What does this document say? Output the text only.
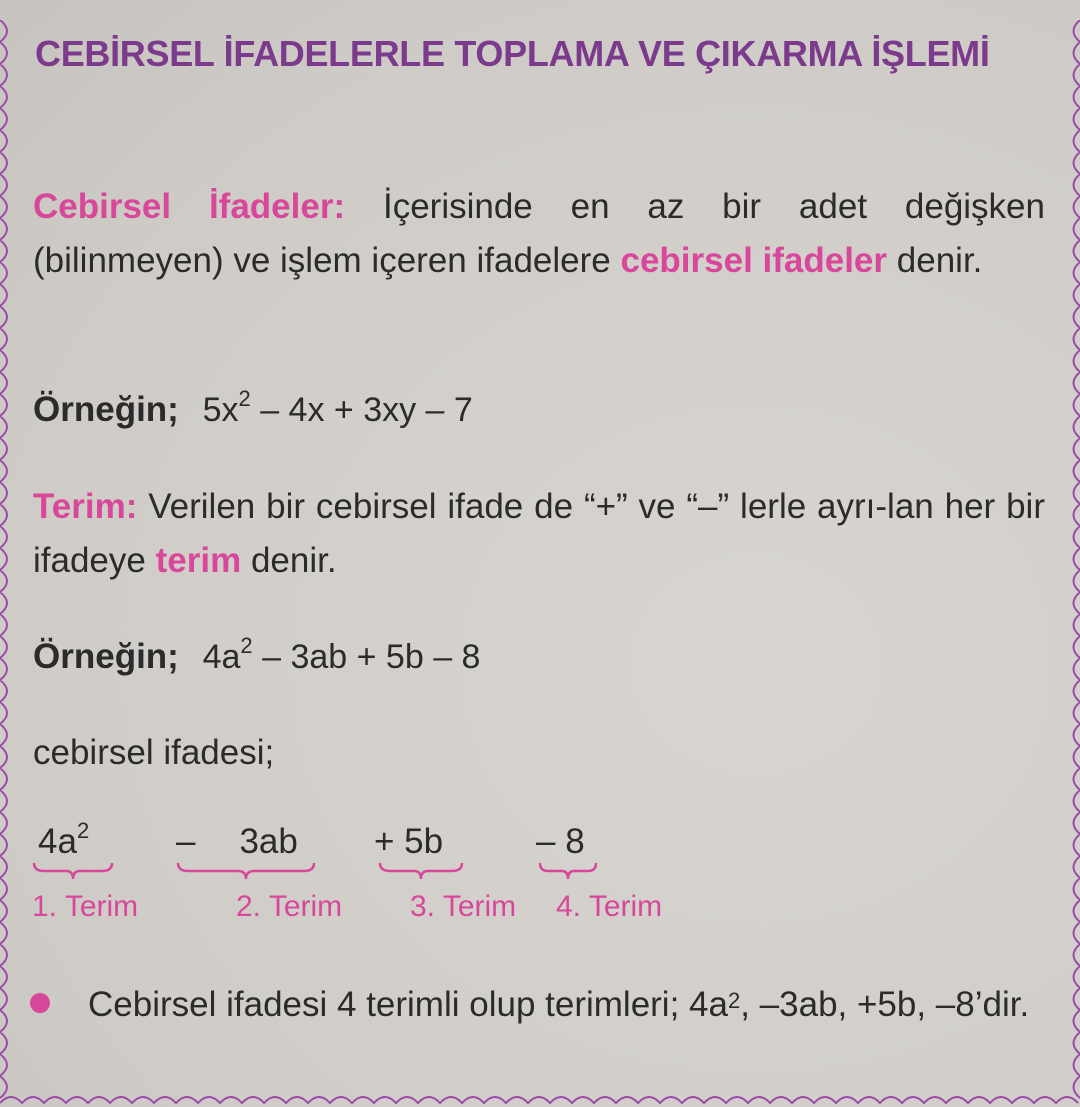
CEBİRSEL İFADELERLE TOPLAMA VE ÇIKARMA İŞLEMİ
Cebirsel İfadeler: İçerisinde en az bir adet değişken (bilinmeyen) ve işlem içeren ifadelere cebirsel ifadeler denir.
Örneğin; $5x^2 - 4x + 3xy - 7$
Terim: Verilen bir cebirsel ifade de “+” ve “–” lerle ayrı-lan her bir ifadeye terim denir.
Örneğin; $4a^2 - 3ab + 5b - 8$
cebirsel ifadesi;
$4a^2 - 3ab + 5b$	– 8
1. Terim	2. Terim 3. Terim 4. Terim
Cebirsel ifadesi 4 terimli olup terimleri; $4a^2$, –3ab, +5b, –8’dir.
